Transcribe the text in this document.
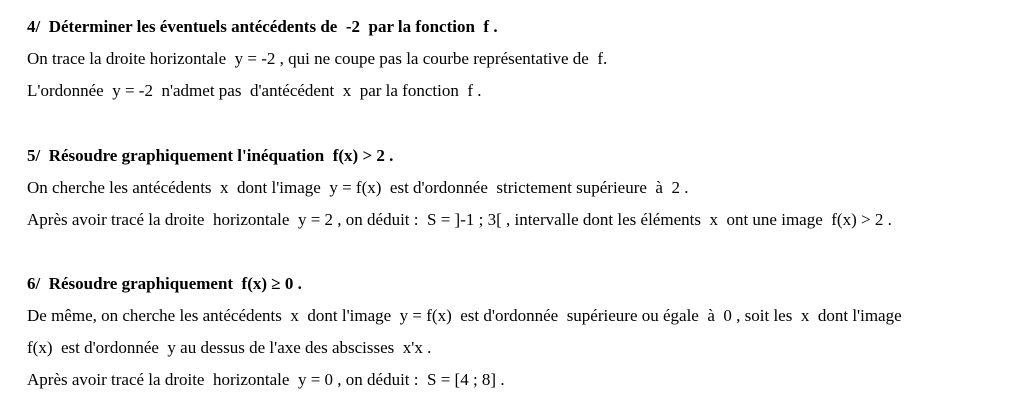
4/  Déterminer les éventuels antécédents de  -2  par la fonction  f .
On trace la droite horizontale  y = -2 , qui ne coupe pas la courbe représentative de  f.
L'ordonnée  y = -2  n'admet pas  d'antécédent  x  par la fonction  f .
5/  Résoudre graphiquement l'inéquation  f(x) > 2 .
On cherche les antécédents  x  dont l'image  y = f(x)  est d'ordonnée  strictement supérieure  à  2 .
Après avoir tracé la droite  horizontale  y = 2 , on déduit :  S = ]-1 ; 3[ , intervalle dont les éléments  x  ont une image  f(x) > 2 .
6/  Résoudre graphiquement  f(x) ≥ 0 .
De même, on cherche les antécédents  x  dont l'image  y = f(x)  est d'ordonnée  supérieure ou égale  à  0 , soit les  x  dont l'image
f(x)  est d'ordonnée  y au dessus de l'axe des abscisses  x'x .
Après avoir tracé la droite  horizontale  y = 0 , on déduit :  S = [4 ; 8] .
